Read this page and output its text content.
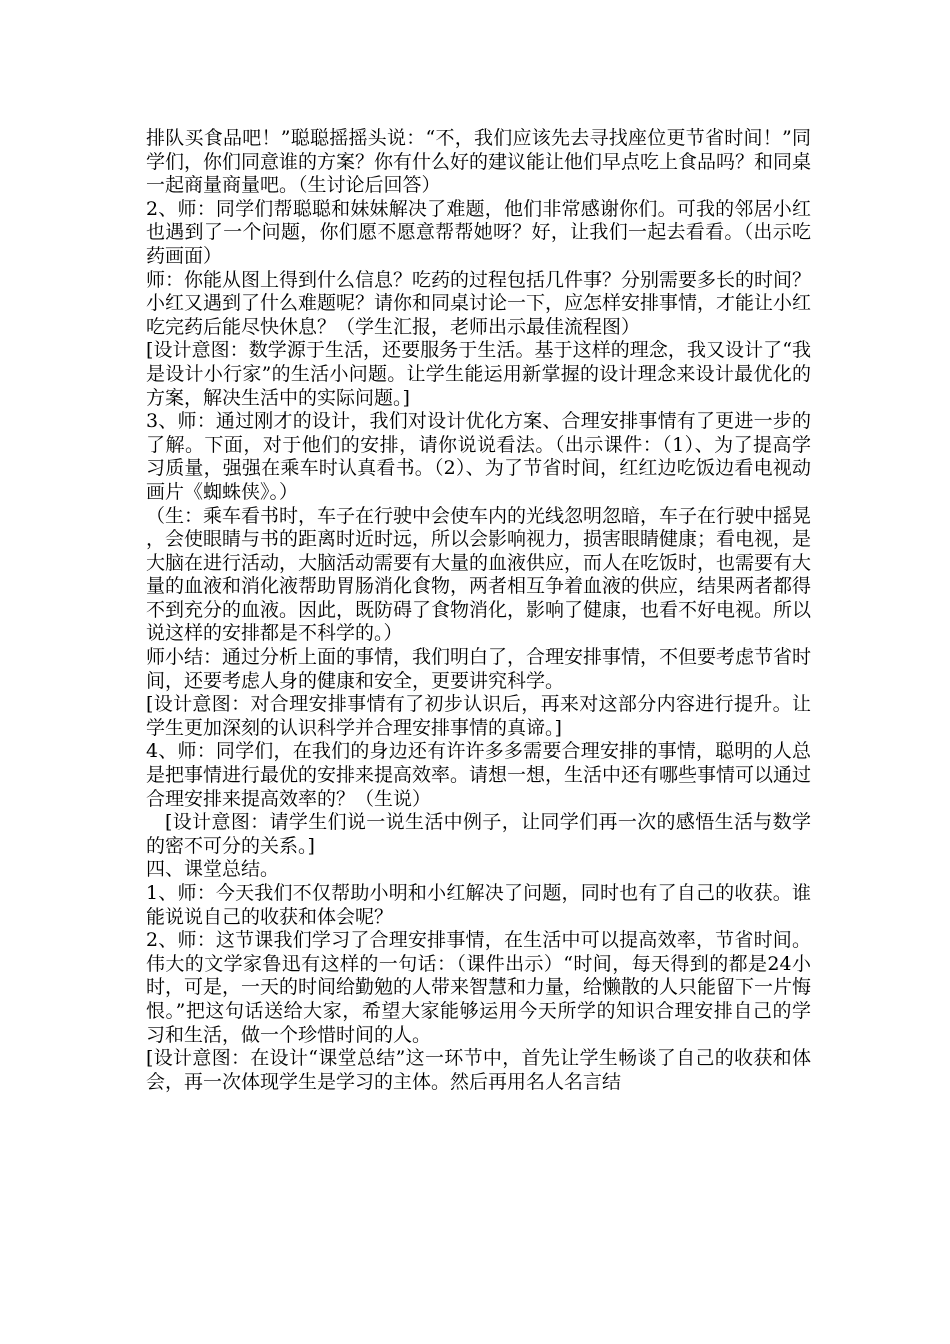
排队买食品吧！”聪聪摇摇头说：“不，我们应该先去寻找座位更节省时间！”同学们，你们同意谁的方案？你有什么好的建议能让他们早点吃上食品吗？和同桌一起商量商量吧。（生讨论后回答）

2、师：同学们帮聪聪和妹妹解决了难题，他们非常感谢你们。可我的邻居小红也遇到了一个问题，你们愿不愿意帮帮她呀？好，让我们一起去看看。（出示吃药画面）

师：你能从图上得到什么信息？吃药的过程包括几件事？分别需要多长的时间？小红又遇到了什么难题呢？请你和同桌讨论一下，应怎样安排事情，才能让小红吃完药后能尽快休息？（学生汇报，老师出示最佳流程图）

[设计意图：数学源于生活，还要服务于生活。基于这样的理念，我又设计了“我是设计小行家”的生活小问题。让学生能运用新掌握的设计理念来设计最优化的方案，解决生活中的实际问题。]

3、师：通过刚才的设计，我们对设计优化方案、合理安排事情有了更进一步的了解。下面，对于他们的安排，请你说说看法。（出示课件：（1）、为了提高学习质量，强强在乘车时认真看书。（2）、为了节省时间，红红边吃饭边看电视动画片《蜘蛛侠》。）

（生：乘车看书时，车子在行驶中会使车内的光线忽明忽暗，车子在行驶中摇晃，会使眼睛与书的距离时近时远，所以会影响视力，损害眼睛健康；看电视，是大脑在进行活动，大脑活动需要有大量的血液供应，而人在吃饭时，也需要有大量的血液和消化液帮助胃肠消化食物，两者相互争着血液的供应，结果两者都得不到充分的血液。因此，既防碍了食物消化，影响了健康，也看不好电视。所以说这样的安排都是不科学的。）

师小结：通过分析上面的事情，我们明白了，合理安排事情，不但要考虑节省时间，还要考虑人身的健康和安全，更要讲究科学。

[设计意图：对合理安排事情有了初步认识后，再来对这部分内容进行提升。让学生更加深刻的认识科学并合理安排事情的真谛。]

4、师：同学们，在我们的身边还有许许多多需要合理安排的事情，聪明的人总是把事情进行最优的安排来提高效率。请想一想，生活中还有哪些事情可以通过合理安排来提高效率的？（生说）

[设计意图：请学生们说一说生活中例子，让同学们再一次的感悟生活与数学的密不可分的关系。]

四、课堂总结。

1、师：今天我们不仅帮助小明和小红解决了问题，同时也有了自己的收获。谁能说说自己的收获和体会呢？

2、师：这节课我们学习了合理安排事情，在生活中可以提高效率，节省时间。伟大的文学家鲁迅有这样的一句话：（课件出示）“时间，每天得到的都是24小时，可是，一天的时间给勤勉的人带来智慧和力量，给懒散的人只能留下一片悔恨。”把这句话送给大家，希望大家能够运用今天所学的知识合理安排自己的学习和生活，做一个珍惜时间的人。

[设计意图：在设计“课堂总结”这一环节中，首先让学生畅谈了自己的收获和体会，再一次体现学生是学习的主体。然后再用名人名言结
